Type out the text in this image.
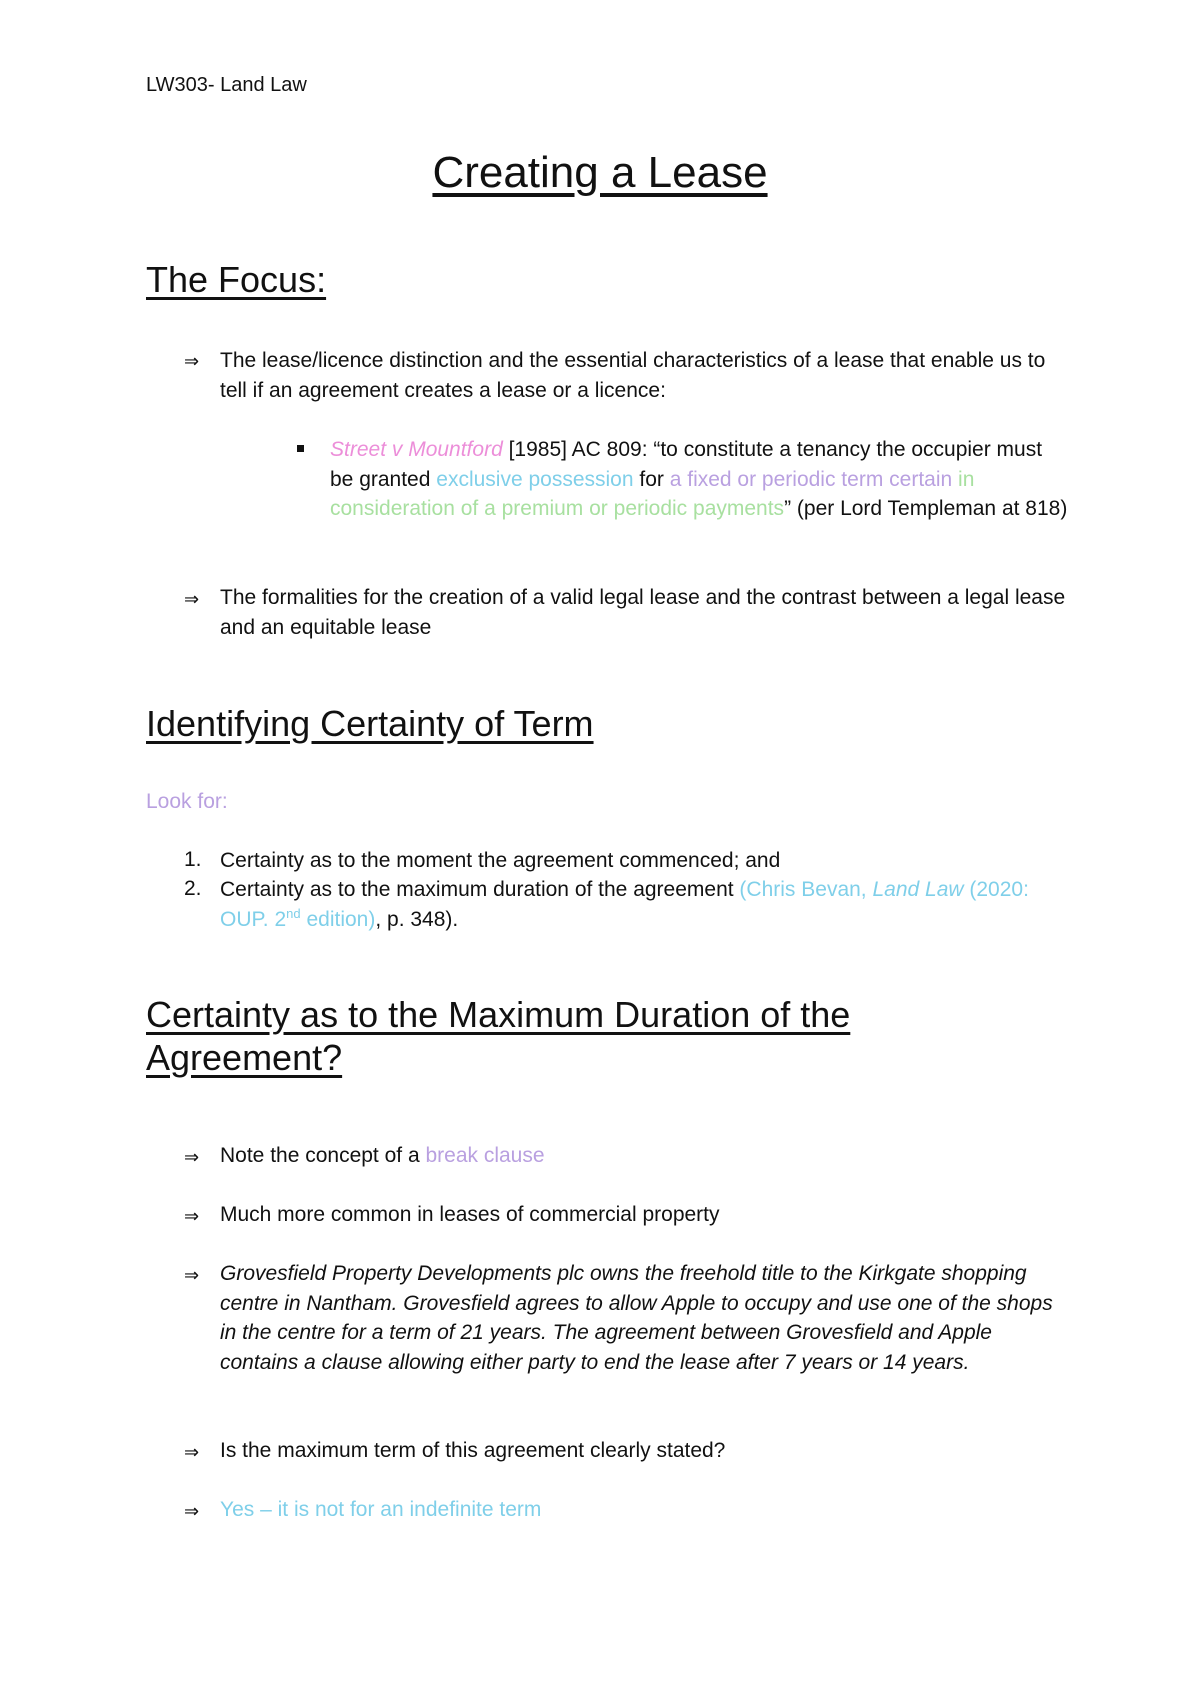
LW303- Land Law
Creating a Lease
The Focus:
⇒ The lease/licence distinction and the essential characteristics of a lease that enable us to tell if an agreement creates a lease or a licence:
Street v Mountford [1985] AC 809: “to constitute a tenancy the occupier must be granted exclusive possession for a fixed or periodic term certain in consideration of a premium or periodic payments” (per Lord Templeman at 818)
⇒ The formalities for the creation of a valid legal lease and the contrast between a legal lease and an equitable lease
Identifying Certainty of Term
Look for:
1. Certainty as to the moment the agreement commenced; and
2. Certainty as to the maximum duration of the agreement (Chris Bevan, Land Law (2020: OUP. 2nd edition), p. 348).
Certainty as to the Maximum Duration of the Agreement?
⇒ Note the concept of a break clause
⇒ Much more common in leases of commercial property
⇒ Grovesfield Property Developments plc owns the freehold title to the Kirkgate shopping centre in Nantham. Grovesfield agrees to allow Apple to occupy and use one of the shops in the centre for a term of 21 years. The agreement between Grovesfield and Apple contains a clause allowing either party to end the lease after 7 years or 14 years.
⇒ Is the maximum term of this agreement clearly stated?
⇒ Yes – it is not for an indefinite term
